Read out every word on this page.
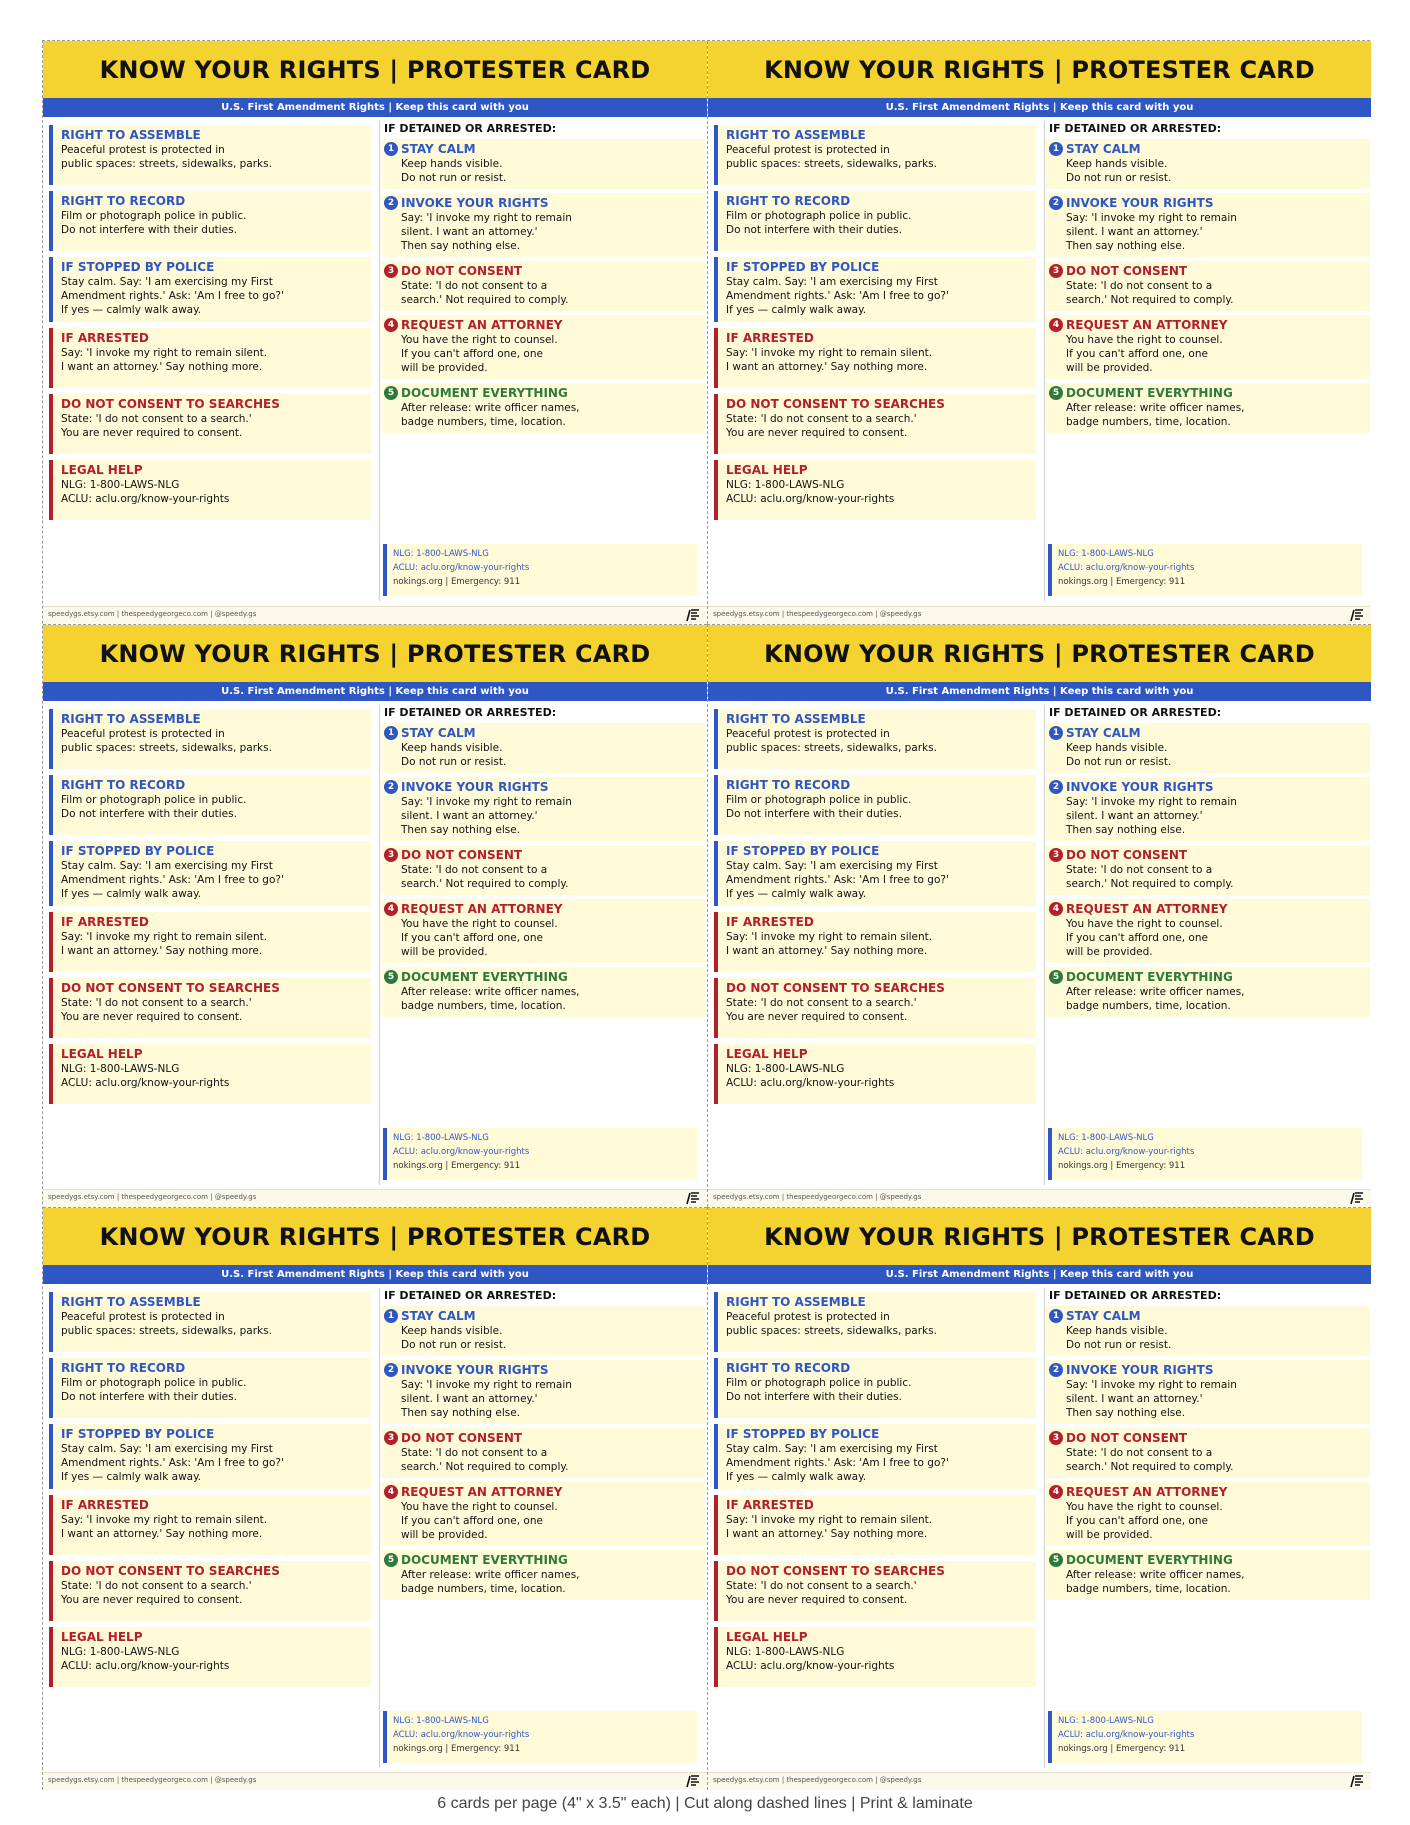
KNOW YOUR RIGHTS | PROTESTER CARD
U.S. First Amendment Rights | Keep this card with you
RIGHT TO ASSEMBLE
Peaceful protest is protected in
public spaces: streets, sidewalks, parks.
RIGHT TO RECORD
Film or photograph police in public.
Do not interfere with their duties.
IF STOPPED BY POLICE
Stay calm. Say: 'I am exercising my First
Amendment rights.' Ask: 'Am I free to go?'
If yes — calmly walk away.
IF ARRESTED
Say: 'I invoke my right to remain silent.
I want an attorney.' Say nothing more.
DO NOT CONSENT TO SEARCHES
State: 'I do not consent to a search.'
You are never required to consent.
LEGAL HELP
NLG: 1-800-LAWS-NLG
ACLU: aclu.org/know-your-rights
IF DETAINED OR ARRESTED:
1 STAY CALM
Keep hands visible.
Do not run or resist.
2 INVOKE YOUR RIGHTS
Say: 'I invoke my right to remain
silent. I want an attorney.'
Then say nothing else.
3 DO NOT CONSENT
State: 'I do not consent to a
search.' Not required to comply.
4 REQUEST AN ATTORNEY
You have the right to counsel.
If you can't afford one, one
will be provided.
5 DOCUMENT EVERYTHING
After release: write officer names,
badge numbers, time, location.
NLG: 1-800-LAWS-NLG
ACLU: aclu.org/know-your-rights
nokings.org | Emergency: 911
speedygs.etsy.com | thespeedygeorgeco.com | @speedy.gs
KNOW YOUR RIGHTS | PROTESTER CARD
U.S. First Amendment Rights | Keep this card with you
RIGHT TO ASSEMBLE
Peaceful protest is protected in
public spaces: streets, sidewalks, parks.
RIGHT TO RECORD
Film or photograph police in public.
Do not interfere with their duties.
IF STOPPED BY POLICE
Stay calm. Say: 'I am exercising my First
Amendment rights.' Ask: 'Am I free to go?'
If yes — calmly walk away.
IF ARRESTED
Say: 'I invoke my right to remain silent.
I want an attorney.' Say nothing more.
DO NOT CONSENT TO SEARCHES
State: 'I do not consent to a search.'
You are never required to consent.
LEGAL HELP
NLG: 1-800-LAWS-NLG
ACLU: aclu.org/know-your-rights
IF DETAINED OR ARRESTED:
1 STAY CALM
Keep hands visible.
Do not run or resist.
2 INVOKE YOUR RIGHTS
Say: 'I invoke my right to remain
silent. I want an attorney.'
Then say nothing else.
3 DO NOT CONSENT
State: 'I do not consent to a
search.' Not required to comply.
4 REQUEST AN ATTORNEY
You have the right to counsel.
If you can't afford one, one
will be provided.
5 DOCUMENT EVERYTHING
After release: write officer names,
badge numbers, time, location.
NLG: 1-800-LAWS-NLG
ACLU: aclu.org/know-your-rights
nokings.org | Emergency: 911
speedygs.etsy.com | thespeedygeorgeco.com | @speedy.gs
KNOW YOUR RIGHTS | PROTESTER CARD
U.S. First Amendment Rights | Keep this card with you
RIGHT TO ASSEMBLE
Peaceful protest is protected in
public spaces: streets, sidewalks, parks.
RIGHT TO RECORD
Film or photograph police in public.
Do not interfere with their duties.
IF STOPPED BY POLICE
Stay calm. Say: 'I am exercising my First
Amendment rights.' Ask: 'Am I free to go?'
If yes — calmly walk away.
IF ARRESTED
Say: 'I invoke my right to remain silent.
I want an attorney.' Say nothing more.
DO NOT CONSENT TO SEARCHES
State: 'I do not consent to a search.'
You are never required to consent.
LEGAL HELP
NLG: 1-800-LAWS-NLG
ACLU: aclu.org/know-your-rights
IF DETAINED OR ARRESTED:
1 STAY CALM
Keep hands visible.
Do not run or resist.
2 INVOKE YOUR RIGHTS
Say: 'I invoke my right to remain
silent. I want an attorney.'
Then say nothing else.
3 DO NOT CONSENT
State: 'I do not consent to a
search.' Not required to comply.
4 REQUEST AN ATTORNEY
You have the right to counsel.
If you can't afford one, one
will be provided.
5 DOCUMENT EVERYTHING
After release: write officer names,
badge numbers, time, location.
NLG: 1-800-LAWS-NLG
ACLU: aclu.org/know-your-rights
nokings.org | Emergency: 911
speedygs.etsy.com | thespeedygeorgeco.com | @speedy.gs
KNOW YOUR RIGHTS | PROTESTER CARD
U.S. First Amendment Rights | Keep this card with you
RIGHT TO ASSEMBLE
Peaceful protest is protected in
public spaces: streets, sidewalks, parks.
RIGHT TO RECORD
Film or photograph police in public.
Do not interfere with their duties.
IF STOPPED BY POLICE
Stay calm. Say: 'I am exercising my First
Amendment rights.' Ask: 'Am I free to go?'
If yes — calmly walk away.
IF ARRESTED
Say: 'I invoke my right to remain silent.
I want an attorney.' Say nothing more.
DO NOT CONSENT TO SEARCHES
State: 'I do not consent to a search.'
You are never required to consent.
LEGAL HELP
NLG: 1-800-LAWS-NLG
ACLU: aclu.org/know-your-rights
IF DETAINED OR ARRESTED:
1 STAY CALM
Keep hands visible.
Do not run or resist.
2 INVOKE YOUR RIGHTS
Say: 'I invoke my right to remain
silent. I want an attorney.'
Then say nothing else.
3 DO NOT CONSENT
State: 'I do not consent to a
search.' Not required to comply.
4 REQUEST AN ATTORNEY
You have the right to counsel.
If you can't afford one, one
will be provided.
5 DOCUMENT EVERYTHING
After release: write officer names,
badge numbers, time, location.
NLG: 1-800-LAWS-NLG
ACLU: aclu.org/know-your-rights
nokings.org | Emergency: 911
speedygs.etsy.com | thespeedygeorgeco.com | @speedy.gs
KNOW YOUR RIGHTS | PROTESTER CARD
U.S. First Amendment Rights | Keep this card with you
RIGHT TO ASSEMBLE
Peaceful protest is protected in
public spaces: streets, sidewalks, parks.
RIGHT TO RECORD
Film or photograph police in public.
Do not interfere with their duties.
IF STOPPED BY POLICE
Stay calm. Say: 'I am exercising my First
Amendment rights.' Ask: 'Am I free to go?'
If yes — calmly walk away.
IF ARRESTED
Say: 'I invoke my right to remain silent.
I want an attorney.' Say nothing more.
DO NOT CONSENT TO SEARCHES
State: 'I do not consent to a search.'
You are never required to consent.
LEGAL HELP
NLG: 1-800-LAWS-NLG
ACLU: aclu.org/know-your-rights
IF DETAINED OR ARRESTED:
1 STAY CALM
Keep hands visible.
Do not run or resist.
2 INVOKE YOUR RIGHTS
Say: 'I invoke my right to remain
silent. I want an attorney.'
Then say nothing else.
3 DO NOT CONSENT
State: 'I do not consent to a
search.' Not required to comply.
4 REQUEST AN ATTORNEY
You have the right to counsel.
If you can't afford one, one
will be provided.
5 DOCUMENT EVERYTHING
After release: write officer names,
badge numbers, time, location.
NLG: 1-800-LAWS-NLG
ACLU: aclu.org/know-your-rights
nokings.org | Emergency: 911
speedygs.etsy.com | thespeedygeorgeco.com | @speedy.gs
KNOW YOUR RIGHTS | PROTESTER CARD
U.S. First Amendment Rights | Keep this card with you
RIGHT TO ASSEMBLE
Peaceful protest is protected in
public spaces: streets, sidewalks, parks.
RIGHT TO RECORD
Film or photograph police in public.
Do not interfere with their duties.
IF STOPPED BY POLICE
Stay calm. Say: 'I am exercising my First
Amendment rights.' Ask: 'Am I free to go?'
If yes — calmly walk away.
IF ARRESTED
Say: 'I invoke my right to remain silent.
I want an attorney.' Say nothing more.
DO NOT CONSENT TO SEARCHES
State: 'I do not consent to a search.'
You are never required to consent.
LEGAL HELP
NLG: 1-800-LAWS-NLG
ACLU: aclu.org/know-your-rights
IF DETAINED OR ARRESTED:
1 STAY CALM
Keep hands visible.
Do not run or resist.
2 INVOKE YOUR RIGHTS
Say: 'I invoke my right to remain
silent. I want an attorney.'
Then say nothing else.
3 DO NOT CONSENT
State: 'I do not consent to a
search.' Not required to comply.
4 REQUEST AN ATTORNEY
You have the right to counsel.
If you can't afford one, one
will be provided.
5 DOCUMENT EVERYTHING
After release: write officer names,
badge numbers, time, location.
NLG: 1-800-LAWS-NLG
ACLU: aclu.org/know-your-rights
nokings.org | Emergency: 911
speedygs.etsy.com | thespeedygeorgeco.com | @speedy.gs
6 cards per page (4" x 3.5" each) | Cut along dashed lines | Print & laminate
